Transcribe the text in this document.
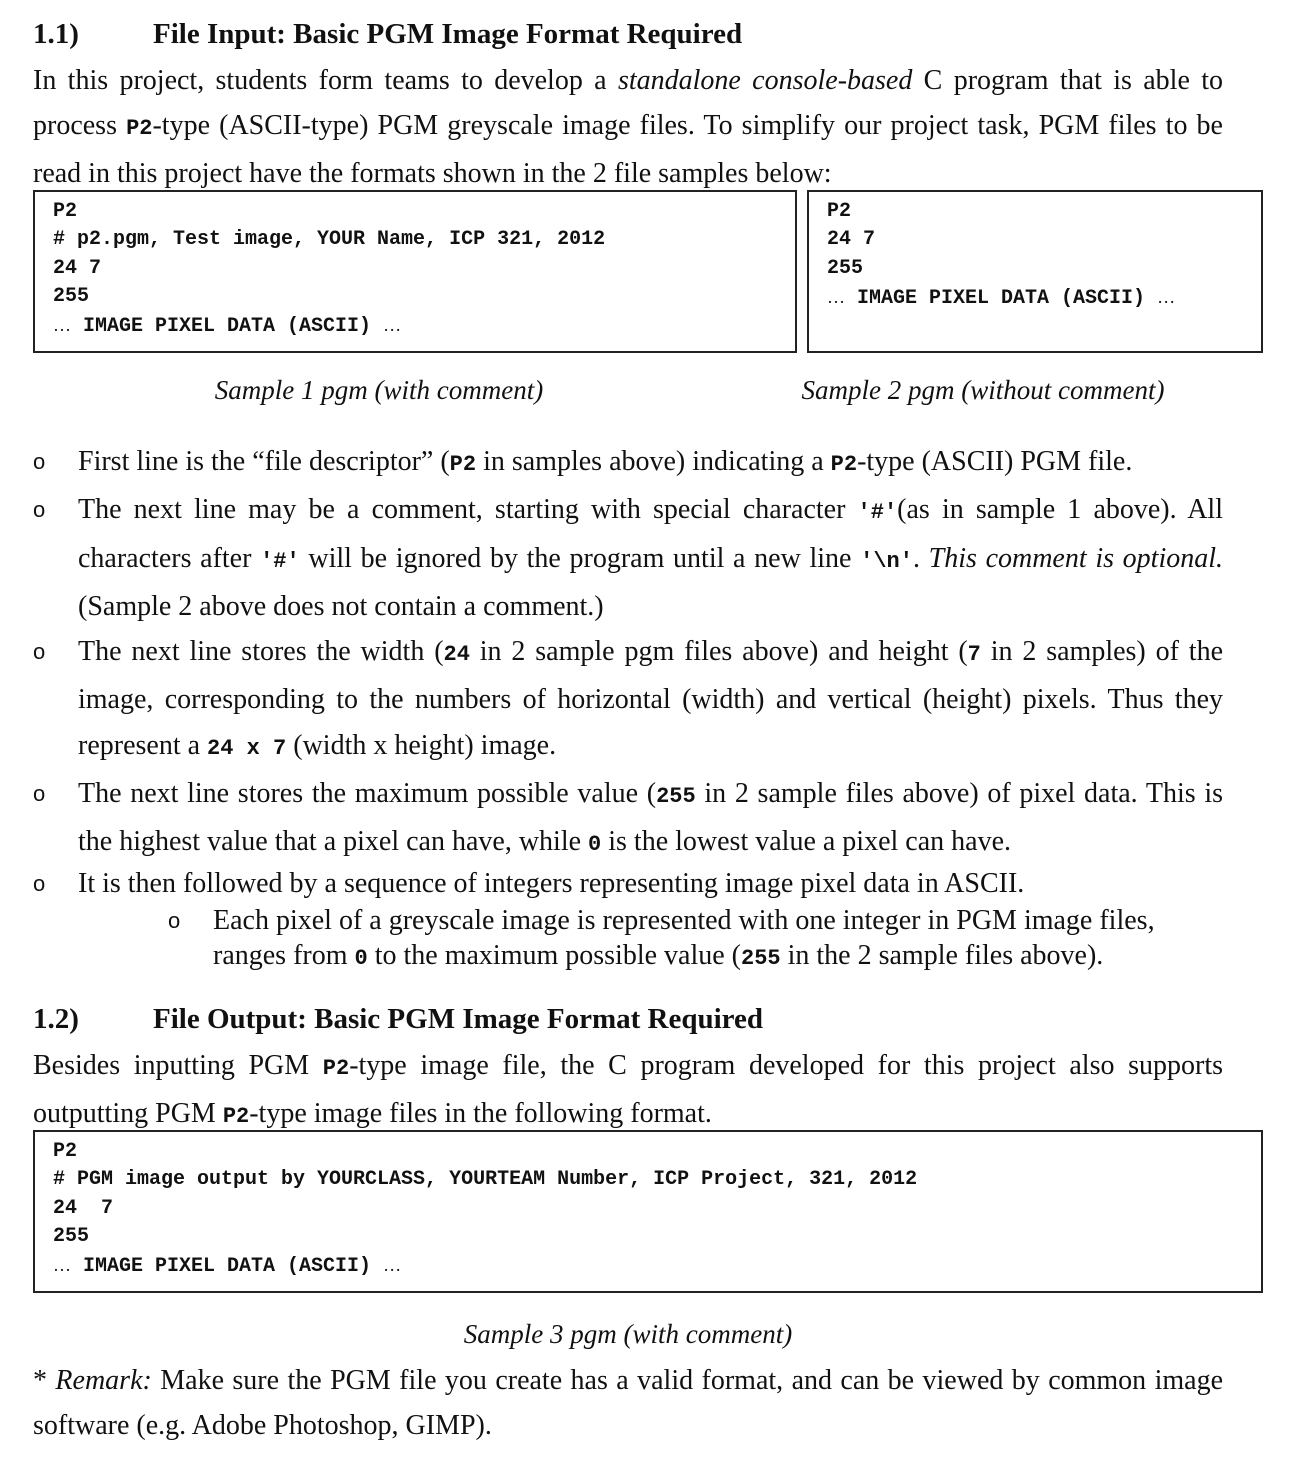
1.1)	File Input: Basic PGM Image Format Required
In this project, students form teams to develop a standalone console-based C program that is able to process P2-type (ASCII-type) PGM greyscale image files. To simplify our project task, PGM files to be read in this project have the formats shown in the 2 file samples below:
P2
# p2.pgm, Test image, YOUR Name, ICP 321, 2012
24 7
255
… IMAGE PIXEL DATA (ASCII) …
P2
24 7
255
… IMAGE PIXEL DATA (ASCII) …
Sample 1 pgm (with comment)	Sample 2 pgm (without comment)
o First line is the “file descriptor” (P2 in samples above) indicating a P2-type (ASCII) PGM file.
o The next line may be a comment, starting with special character '#'(as in sample 1 above). All characters after '#' will be ignored by the program until a new line '\n'. This comment is optional. (Sample 2 above does not contain a comment.)
o The next line stores the width (24 in 2 sample pgm files above) and height (7 in 2 samples) of the image, corresponding to the numbers of horizontal (width) and vertical (height) pixels. Thus they represent a 24 x 7 (width x height) image.
o The next line stores the maximum possible value (255 in 2 sample files above) of pixel data. This is the highest value that a pixel can have, while 0 is the lowest value a pixel can have.
o It is then followed by a sequence of integers representing image pixel data in ASCII.
o Each pixel of a greyscale image is represented with one integer in PGM image files, ranges from 0 to the maximum possible value (255 in the 2 sample files above).
1.2)	File Output: Basic PGM Image Format Required
Besides inputting PGM P2-type image file, the C program developed for this project also supports outputting PGM P2-type image files in the following format.
P2
# PGM image output by YOURCLASS, YOURTEAM Number, ICP Project, 321, 2012
24  7
255
… IMAGE PIXEL DATA (ASCII) …
Sample 3 pgm (with comment)
* Remark: Make sure the PGM file you create has a valid format, and can be viewed by common image software (e.g. Adobe Photoshop, GIMP).
